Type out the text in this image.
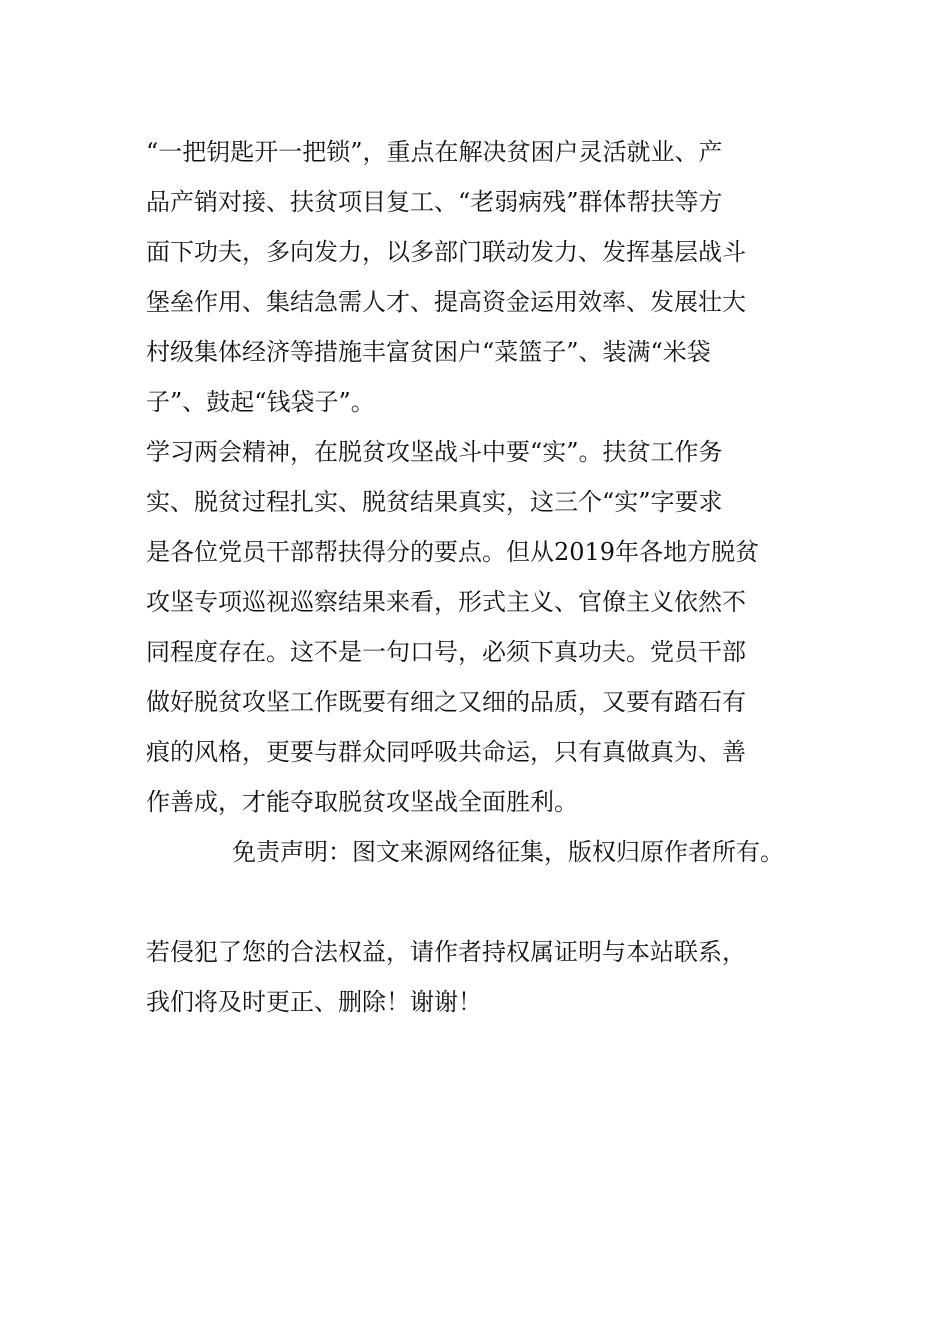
“一把钥匙开一把锁”，重点在解决贫困户灵活就业、产
品产销对接、扶贫项目复工、“老弱病残”群体帮扶等方
面下功夫，多向发力，以多部门联动发力、发挥基层战斗
堡垒作用、集结急需人才、提高资金运用效率、发展壮大
村级集体经济等措施丰富贫困户“菜篮子”、装满“米袋
子”、鼓起“钱袋子”。
学习两会精神，在脱贫攻坚战斗中要“实”。扶贫工作务
实、脱贫过程扎实、脱贫结果真实，这三个“实”字要求
是各位党员干部帮扶得分的要点。但从2019年各地方脱贫
攻坚专项巡视巡察结果来看，形式主义、官僚主义依然不
同程度存在。这不是一句口号，必须下真功夫。党员干部
做好脱贫攻坚工作既要有细之又细的品质，又要有踏石有
痕的风格，更要与群众同呼吸共命运，只有真做真为、善
作善成，才能夺取脱贫攻坚战全面胜利。
免责声明：图文来源网络征集，版权归原作者所有。
若侵犯了您的合法权益，请作者持权属证明与本站联系，
我们将及时更正、删除！谢谢！
